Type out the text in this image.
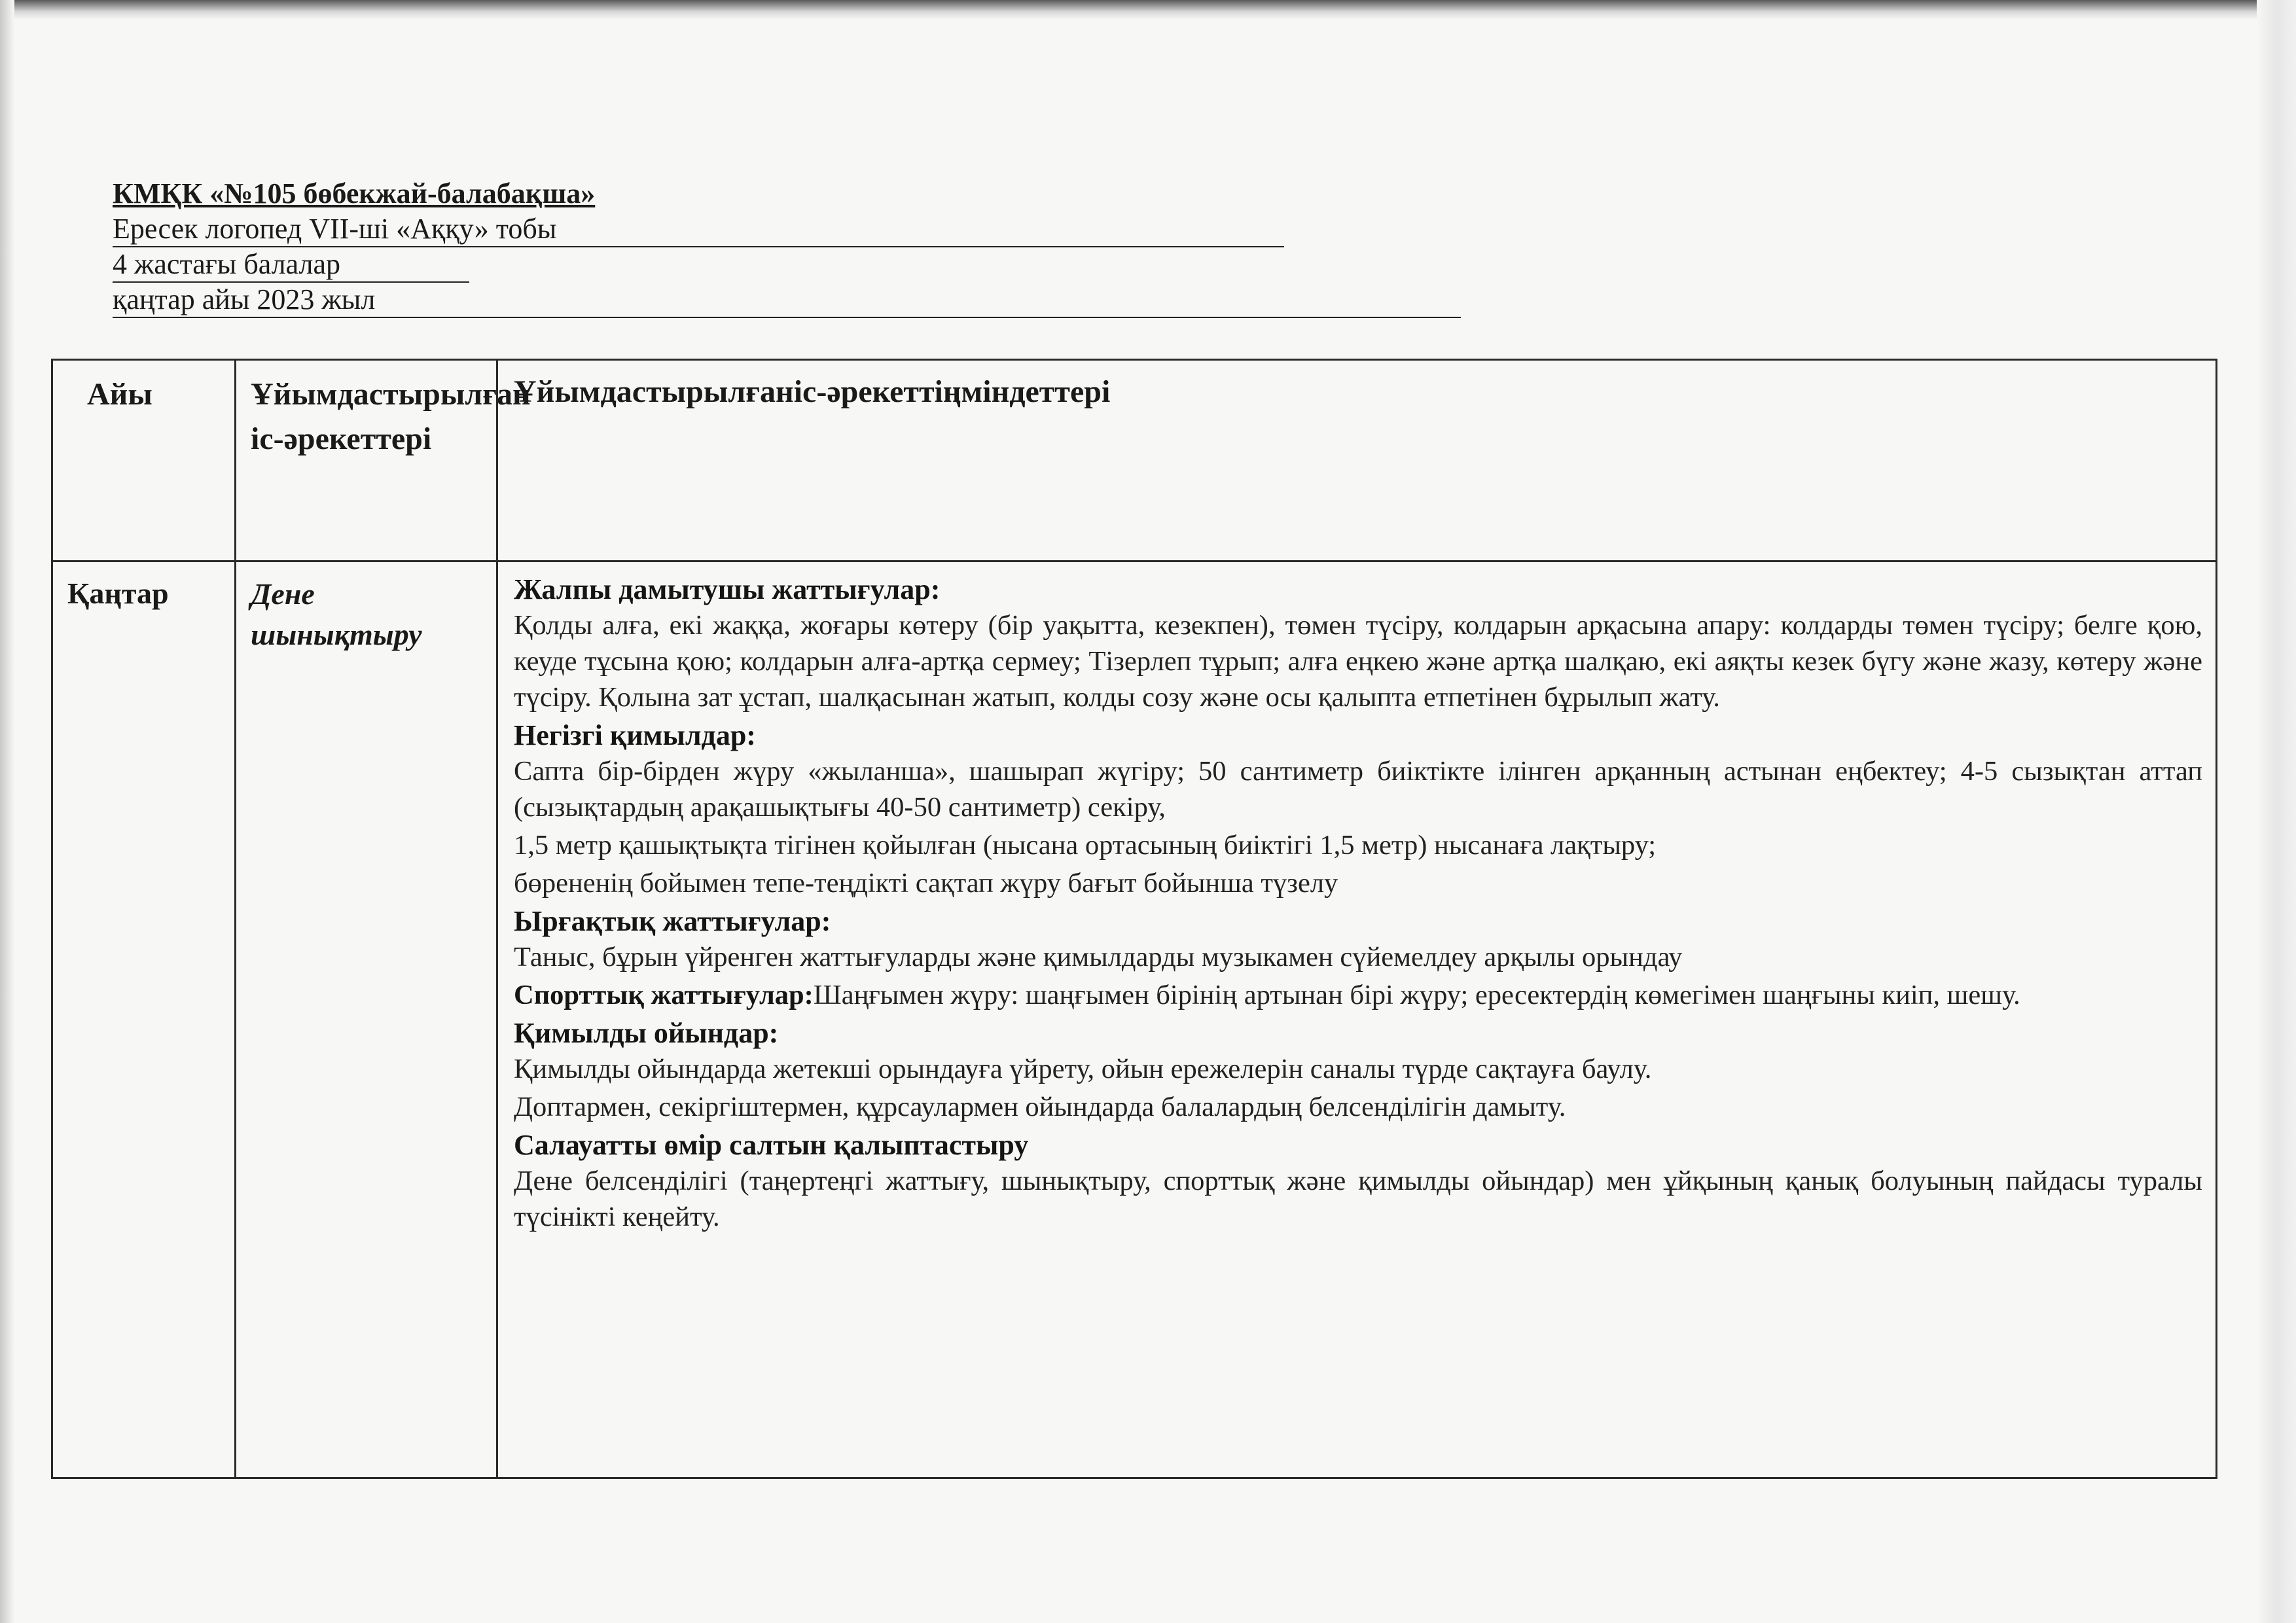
КМҚК «№105 бөбекжай-балабақша»
Ересек логопед VII-ші «Аққу» тобы
4 жастағы балалар
қаңтар айы 2023 жыл
Айы	Ұйымдастырылған іс-әрекеттері
Ұйымдастырылғаніс-әрекеттіңміндеттері
Қаңтар	Дене шынықтыру
Жалпы дамытушы жаттығулар:

Қолды алға, екі жаққа, жоғары көтеру (бір уақытта, кезекпен), төмен түсіру, колдарын арқасына апару: колдарды төмен түсіру; белге қою, кеуде тұсына қою; колдарын алға-артқа сермеу; Тізерлеп тұрып; алға еңкею және артқа шалқаю, екі аяқты кезек бүгу және жазу, көтеру және түсіру. Қолына зат ұстап, шалқасынан жатып, колды созу және осы қалыпта етпетінен бұрылып жату.

Негізгі қимылдар:

Сапта бір-бірден жүру «жыланша», шашырап жүгіру; 50 сантиметр биіктікте ілінген арқанның астынан еңбектеу; 4-5 сызықтан аттап (сызықтардың арақашықтығы 40-50 сантиметр) секіру,

1,5 метр қашықтықта тігінен қойылған (нысана ортасының биіктігі 1,5 метр) нысанаға лақтыру;

бөрененің бойымен тепе-теңдікті сақтап жүру бағыт бойынша түзелу

Ырғақтық жаттығулар:

Таныс, бұрын үйренген жаттығуларды және қимылдарды музыкамен сүйемелдеу арқылы орындау

Спорттық жаттығулар:Шаңғымен жүру: шаңғымен бірінің артынан бірі жүру; ересектердің көмегімен шаңғыны киіп, шешу.

Қимылды ойындар:

Қимылды ойындарда жетекші орындауға үйрету, ойын ережелерін саналы түрде сақтауға баулу.

Доптармен, секіргіштермен, құрсаулармен ойындарда балалардың белсенділігін дамыту.

Салауатты өмір салтын қалыптастыру

Дене белсенділігі (таңертеңгі жаттығу, шынықтыру, спорттық және қимылды ойындар) мен ұйқының қанық болуының пайдасы туралы түсінікті кеңейту.
